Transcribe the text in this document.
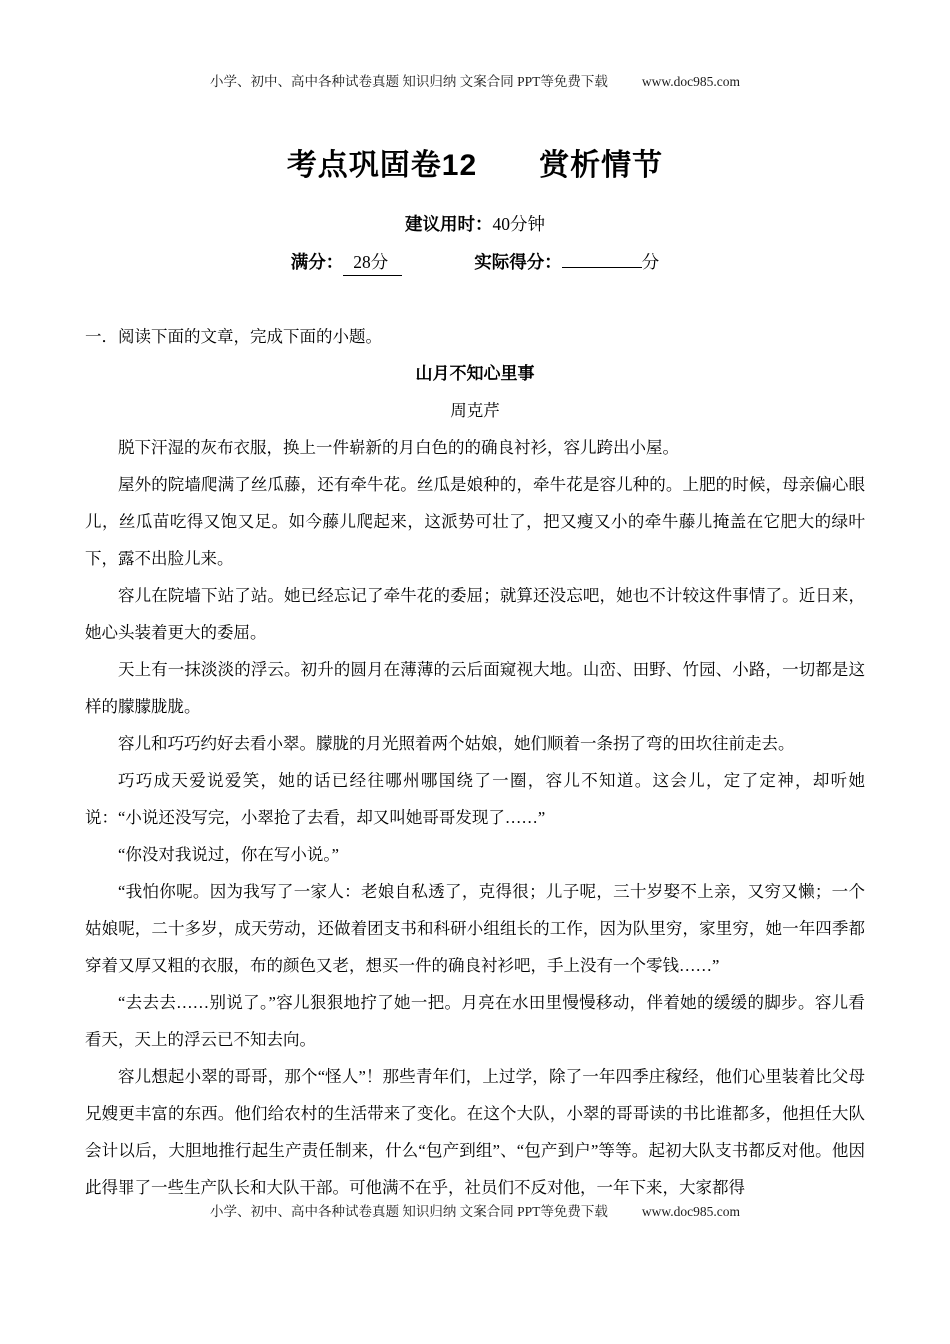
小学、初中、高中各种试卷真题 知识归纳 文案合同 PPT等免费下载	www.doc985.com
考点巩固卷12　　赏析情节
建议用时：40分钟
满分： 28分	实际得分：	分
一．阅读下面的文章，完成下面的小题。
山月不知心里事
周克芹

脱下汗湿的灰布衣服，换上一件崭新的月白色的的确良衬衫，容儿跨出小屋。

屋外的院墙爬满了丝瓜藤，还有牵牛花。丝瓜是娘种的，牵牛花是容儿种的。上肥的时候，母亲偏心眼儿，丝瓜苗吃得又饱又足。如今藤儿爬起来，这派势可壮了，把又瘦又小的牵牛藤儿掩盖在它肥大的绿叶下，露不出脸儿来。

容儿在院墙下站了站。她已经忘记了牵牛花的委屈；就算还没忘吧，她也不计较这件事情了。近日来，她心头装着更大的委屈。

天上有一抹淡淡的浮云。初升的圆月在薄薄的云后面窥视大地。山峦、田野、竹园、小路，一切都是这样的朦朦胧胧。

容儿和巧巧约好去看小翠。朦胧的月光照着两个姑娘，她们顺着一条拐了弯的田坎往前走去。

巧巧成天爱说爱笑，她的话已经往哪州哪国绕了一圈，容儿不知道。这会儿，定了定神，却听她说：“小说还没写完，小翠抢了去看，却又叫她哥哥发现了……”

“你没对我说过，你在写小说。”

“我怕你呢。因为我写了一家人：老娘自私透了，克得很；儿子呢，三十岁娶不上亲，又穷又懒；一个姑娘呢，二十多岁，成天劳动，还做着团支书和科研小组组长的工作，因为队里穷，家里穷，她一年四季都穿着又厚又粗的衣服，布的颜色又老，想买一件的确良衬衫吧，手上没有一个零钱……”

“去去去……别说了。”容儿狠狠地拧了她一把。月亮在水田里慢慢移动，伴着她的缓缓的脚步。容儿看看天，天上的浮云已不知去向。

容儿想起小翠的哥哥，那个“怪人”！那些青年们，上过学，除了一年四季庄稼经，他们心里装着比父母兄嫂更丰富的东西。他们给农村的生活带来了变化。在这个大队，小翠的哥哥读的书比谁都多，他担任大队会计以后，大胆地推行起生产责任制来，什么“包产到组”、“包产到户”等等。起初大队支书都反对他。他因此得罪了一些生产队长和大队干部。可他满不在乎，社员们不反对他，一年下来，大家都得

小学、初中、高中各种试卷真题 知识归纳 文案合同 PPT等免费下载	www.doc985.com
